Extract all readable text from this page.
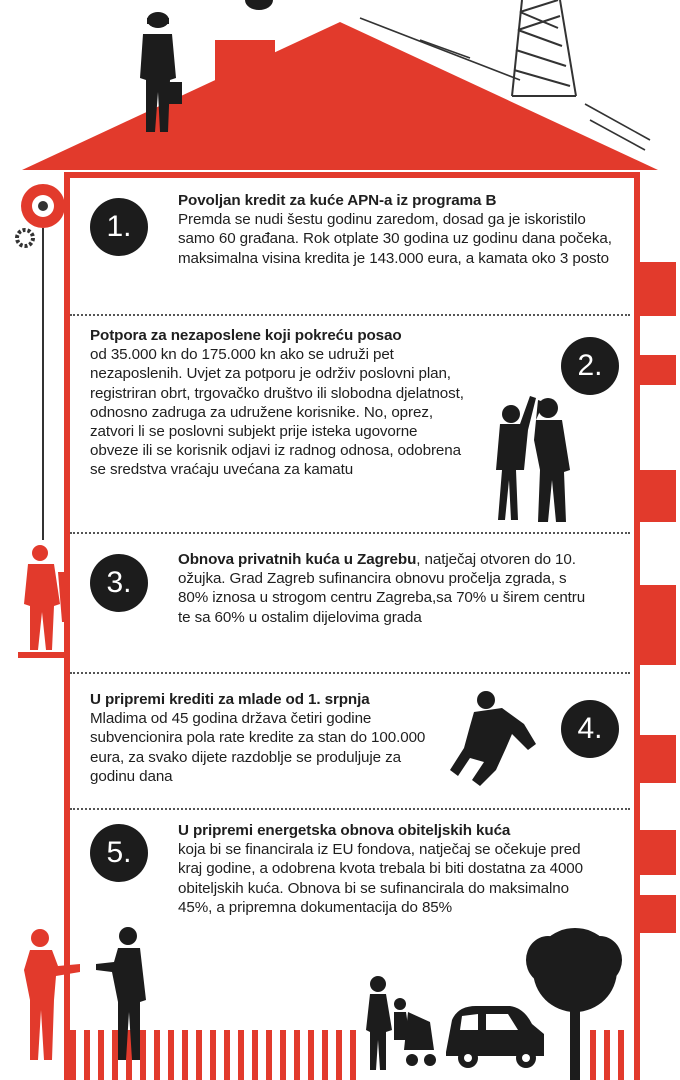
1.
Povoljan kredit za kuće APN-a iz programa B
Premda se nudi šestu godinu zaredom, dosad ga je iskoristilo samo 60 građana. Rok otplate 30 godina uz godinu dana počeka, maksimalna visina kredita je 143.000 eura, a kamata oko 3 posto
Potpora za nezaposlene koji pokreću posao
od 35.000 kn do 175.000 kn ako se udruži pet nezaposlenih. Uvjet za potporu je održiv poslovni plan, registriran obrt, trgovačko društvo ili slobodna djelatnost, odnosno zadruga za udružene korisnike. No, oprez, zatvori li se poslovni subjekt prije isteka ugovorne obveze ili se korisnik odjavi iz radnog odnosa, odobrena se sredstva vraćaju uvećana za kamatu
2.
3.
Obnova privatnih kuća u Zagrebu, natječaj otvoren do 10. ožujka. Grad Zagreb sufinancira obnovu pročelja zgrada, s 80% iznosa u strogom centru Zagreba,sa 70% u širem centru te sa 60% u ostalim dijelovima grada
U pripremi krediti za mlade od 1. srpnja
Mladima od 45 godina država četiri godine subvencionira pola rate kredite za stan do 100.000 eura, za svako dijete razdoblje se produljuje za godinu dana
4.
5.
U pripremi energetska obnova obiteljskih kuća
koja bi se financirala iz EU fondova, natječaj se očekuje pred kraj godine, a odobrena kvota trebala bi biti dostatna za 4000 obiteljskih kuća. Obnova bi se sufinancirala do maksimalno 45%, a pripremna dokumentacija do 85%
